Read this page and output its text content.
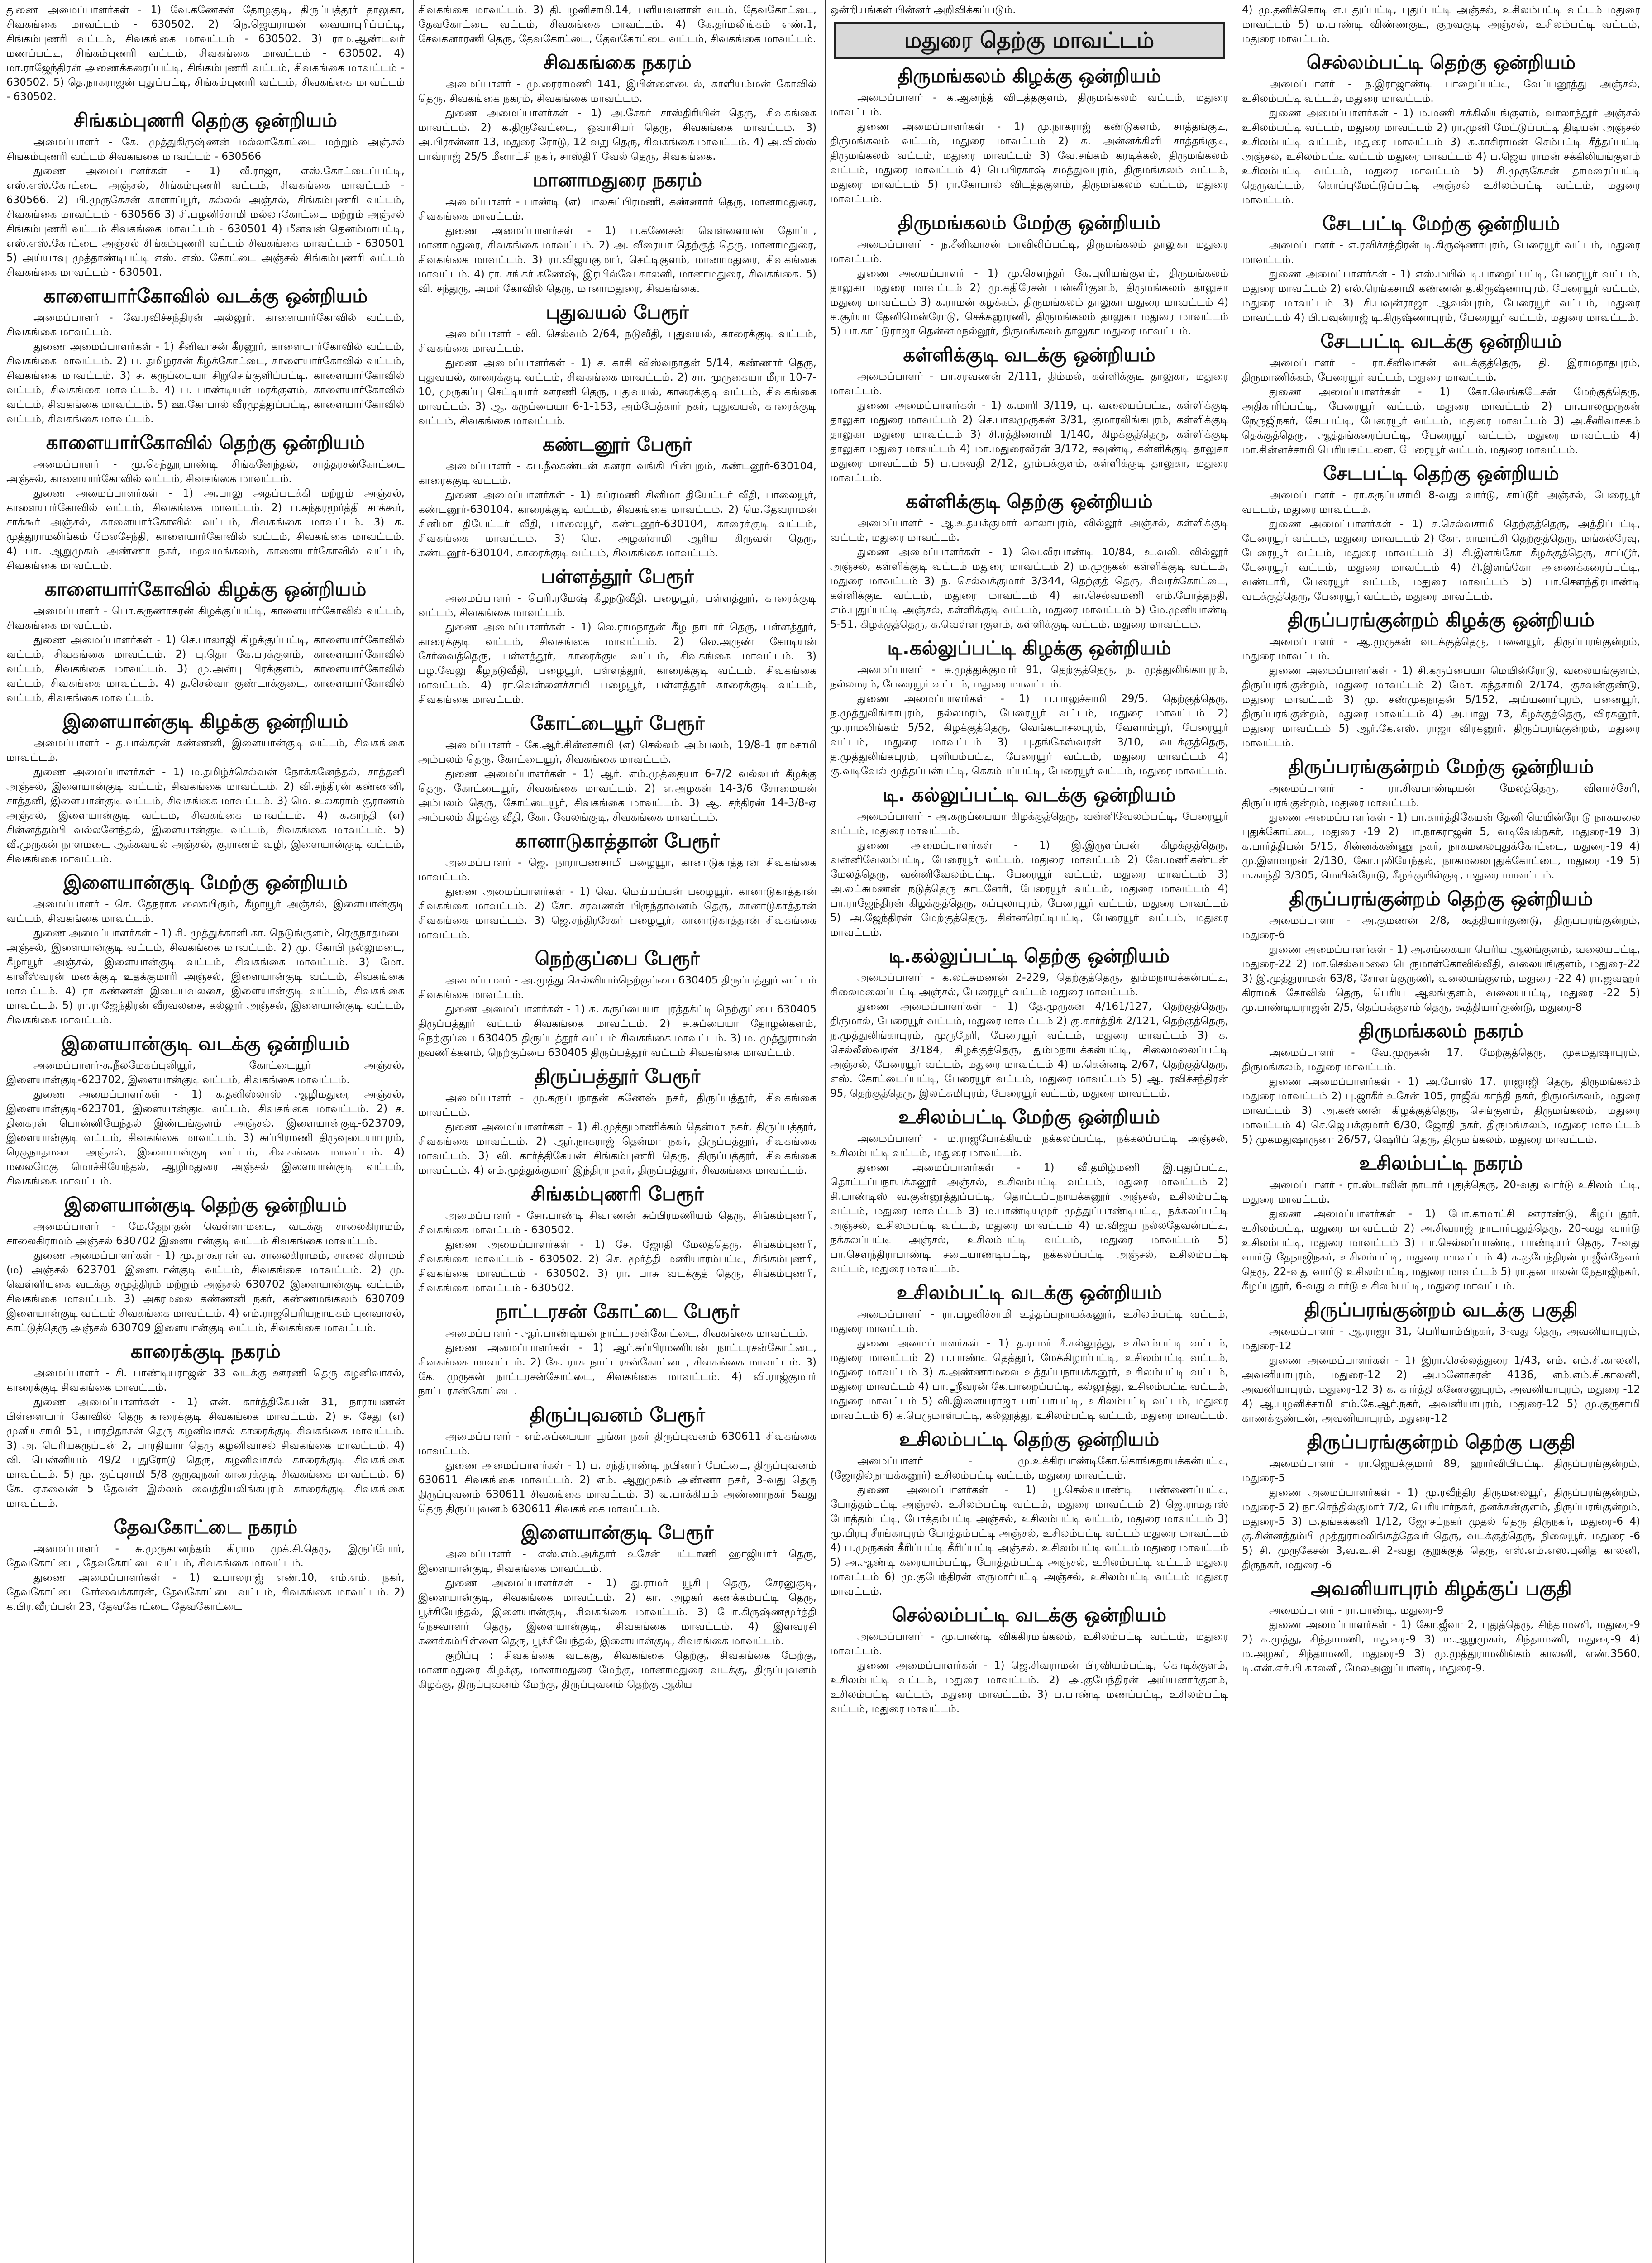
துணை அமைப்பாளர்கள் - 1) வே.கணேசன் தோழகுடி, திருப்பத்தூர் தாலுகா, சிவகங்கை மாவட்டம் - 630502. 2) நெ.ஜெயராமன் வையாபுரிப்பட்டி, சிங்கம்புணரி வட்டம், சிவகங்கை மாவட்டம் - 630502. 3) ராம.ஆண்டவர் மணப்பட்டி, சிங்கம்புணரி வட்டம், சிவகங்கை மாவட்டம் - 630502. 4) மா.ராஜேந்திரன் அணைக்கரைப்பட்டி, சிங்கம்புணரி வட்டம், சிவகங்கை மாவட்டம் - 630502. 5) தெ.நாகராஜன் புதுப்பட்டி, சிங்கம்புணரி வட்டம், சிவகங்கை மாவட்டம் - 630502.

சிங்கம்புணரி தெற்கு ஒன்றியம்

அமைப்பாளர் - கே. முத்துகிருஷ்ணன் மல்லாகோட்டை மற்றும் அஞ்சல் சிங்கம்புணரி வட்டம் சிவகங்கை மாவட்டம் - 630566

துணை அமைப்பாளர்கள் - 1) வீ.ராஜா, எஸ்.கோட்டைப்பட்டி, எஸ்.எஸ்.கோட்டை அஞ்சல், சிங்கம்புணரி வட்டம், சிவகங்கை மாவட்டம் - 630566. 2) பி.முருகேசன் காளாப்பூர், கல்லல் அஞ்சல், சிங்கம்புணரி வட்டம், சிவகங்கை மாவட்டம் - 630566 3) சி.பழனிச்சாமி மல்லாகோட்டை மற்றும் அஞ்சல் சிங்கம்புணரி வட்டம் சிவகங்கை மாவட்டம் - 630501 4) மீனவன் தெனம்மாபட்டி, எஸ்.எஸ்.கோட்டை அஞ்சல் சிங்கம்புணரி வட்டம் சிவகங்கை மாவட்டம் - 630501 5) அய்யாவு முத்தாண்டிபட்டி எஸ். எஸ். கோட்டை அஞ்சல் சிங்கம்புணரி வட்டம் சிவகங்கை மாவட்டம் - 630501.

காளையார்கோவில் வடக்கு ஒன்றியம்

அமைப்பாளர் - வே.ரவிச்சந்திரன் அல்லூர், காளையார்கோவில் வட்டம், சிவகங்கை மாவட்டம்.

துணை அமைப்பாளர்கள் - 1) சீனிவாசன் கீரனூர், காளையார்கோவில் வட்டம், சிவகங்கை மாவட்டம். 2) ப. தமிழரசன் கீழக்கோட்டை, காளையார்கோவில் வட்டம், சிவகங்கை மாவட்டம். 3) ச. கருப்பையா சிறுசெங்குளிப்பட்டி, காளையார்கோவில் வட்டம், சிவகங்கை மாவட்டம். 4) ப. பாண்டியன் மரக்குளம், காளையார்கோவில் வட்டம், சிவகங்கை மாவட்டம். 5) ஊ.கோபால் வீரமுத்துப்பட்டி, காளையார்கோவில் வட்டம், சிவகங்கை மாவட்டம்.

காளையார்கோவில் தெற்கு ஒன்றியம்

அமைப்பாளர் - மு.செந்தூரபாண்டி சிங்கனேந்தல், சாத்தரசன்கோட்டை அஞ்சல், காளையார்கோவில் வட்டம், சிவகங்கை மாவட்டம்.

துணை அமைப்பாளர்கள் - 1) அ.பாலு அதப்படக்கி மற்றும் அஞ்சல், காளையார்கோவில் வட்டம், சிவகங்கை மாவட்டம். 2) ப.சுந்தரமூர்த்தி சாக்கூர், சாக்கூர் அஞ்சல், காளையார்கோவில் வட்டம், சிவகங்கை மாவட்டம். 3) க. முத்துராமலிங்கம் மேலசேந்தி, காளையார்கோவில் வட்டம், சிவகங்கை மாவட்டம். 4) பா. ஆறுமுகம் அண்ணா நகர், மறவமங்கலம், காளையார்கோவில் வட்டம், சிவகங்கை மாவட்டம்.

காளையார்கோவில் கிழக்கு ஒன்றியம்

அமைப்பாளர் - பொ.கருணாகரன் கிழக்குப்பட்டி, காளையார்கோவில் வட்டம், சிவகங்கை மாவட்டம்.

துணை அமைப்பாளர்கள் - 1) செ.பாலாஜி கிழக்குப்பட்டி, காளையார்கோவில் வட்டம், சிவகங்கை மாவட்டம். 2) பு.தொ கே.பரக்குளம், காளையார்கோவில் வட்டம், சிவகங்கை மாவட்டம். 3) மு.அன்பு பிரக்குளம், காளையார்கோவில் வட்டம், சிவகங்கை மாவட்டம். 4) த.செல்வா குண்டாக்குடை, காளையார்கோவில் வட்டம், சிவகங்கை மாவட்டம்.

இளையான்குடி கிழக்கு ஒன்றியம்

அமைப்பாளர் - த.பால்கரன் கண்ணனி, இளையான்குடி வட்டம், சிவகங்கை மாவட்டம்.

துணை அமைப்பாளர்கள் - 1) ம.தமிழ்ச்செல்வன் நோக்கனேந்தல், சாத்தனி அஞ்சல், இளையான்குடி வட்டம், சிவகங்கை மாவட்டம். 2) வி.சந்திரன் கண்ணனி, சாத்தனி, இளையான்குடி வட்டம், சிவகங்கை மாவட்டம். 3) மெ. உலகராம் சூராணம் அஞ்சல், இளையான்குடி வட்டம், சிவகங்கை மாவட்டம். 4) க.காந்தி (எ) சின்னத்தம்பி வல்லனேந்தல், இளையான்குடி வட்டம், சிவகங்கை மாவட்டம். 5) வீ.முருகன் நாளமடை ஆக்கவயல் அஞ்சல், சூராணம் வழி, இளையான்குடி வட்டம், சிவகங்கை மாவட்டம்.

இளையான்குடி மேற்கு ஒன்றியம்

அமைப்பாளர் - செ. தேநராசு லைசுபிரும், கீழாயூர் அஞ்சல், இளையான்குடி வட்டம், சிவகங்கை மாவட்டம்.

துணை அமைப்பாளர்கள் - 1) சி. முத்துக்காளி கா. நெடுங்குளம், ரெகுநாதமடை அஞ்சல், இளையான்குடி வட்டம், சிவகங்கை மாவட்டம். 2) மு. கோபி நல்லுமடை, கீழாயூர் அஞ்சல், இளையான்குடி வட்டம், சிவகங்கை மாவட்டம். 3) மோ. காளீஸ்வரன் மணக்குடி உதக்குமாரி அஞ்சல், இளையான்குடி வட்டம், சிவகங்கை மாவட்டம். 4) ரா கண்ணன் இடையவலசை, இளையான்குடி வட்டம், சிவகங்கை மாவட்டம். 5) ரா.ராஜேந்திரன் வீரவலசை, கல்லூர் அஞ்சல், இளையான்குடி வட்டம், சிவகங்கை மாவட்டம்.

இளையான்குடி வடக்கு ஒன்றியம்

அமைப்பாளர்-சு.நீலமேகப்புலியூர், கோட்டையூர் அஞ்சல், இளையான்குடி-623702, இளையான்குடி வட்டம், சிவகங்கை மாவட்டம்.

துணை அமைப்பாளர்கள் - 1) க.தனிஸ்லாஸ் ஆழிமதுரை அஞ்சல், இளையான்குடி-623701, இளையான்குடி வட்டம், சிவகங்கை மாவட்டம். 2) ச. தினகரன் பொன்னியேந்தல் இண்டங்குளம் அஞ்சல், இளையான்குடி-623709, இளையான்குடி வட்டம், சிவகங்கை மாவட்டம். 3) சுப்பிரமணி திருவுடையாபுரம், ரெகுநாதமடை அஞ்சல், இளையான்குடி வட்டம், சிவகங்கை மாவட்டம். 4) மலைமேகு மொச்சியேந்தல், ஆழிமதுரை அஞ்சல் இளையான்குடி வட்டம், சிவகங்கை மாவட்டம்.

இளையான்குடி தெற்கு ஒன்றியம்

அமைப்பாளர் - மே.தேநாதன் வெள்ளாமடை, வடக்கு சாலைகிராமம், சாலைகிராமம் அஞ்சல் 630702 இளையான்குடி வட்டம் சிவகங்கை மாவட்டம்.

துணை அமைப்பாளர்கள் - 1) மு.நாகூரான் வ. சாலைகிராமம், சாலை கிராமம் (ம) அஞ்சல் 623701 இளையான்குடி வட்டம், சிவகங்கை மாவட்டம். 2) மு. வெள்ளியகை வடக்கு சமுத்திரம் மற்றும் அஞ்சல் 630702 இளையான்குடி வட்டம், சிவகங்கை மாவட்டம். 3) அகரமலை கண்ணனி நகர், கண்ணமங்கலம் 630709 இளையான்குடி வட்டம் சிவகங்கை மாவட்டம். 4) எம்.ராஜபெரியநாயகம் புனவாசல், காட்டுத்தெரு அஞ்சல் 630709 இளையான்குடி வட்டம், சிவகங்கை மாவட்டம்.

காரைக்குடி நகரம்

அமைப்பாளர் - சி. பாண்டியராஜன் 33 வடக்கு ஊரணி தெரு கழனிவாசல், காரைக்குடி சிவகங்கை மாவட்டம்.

துணை அமைப்பாளர்கள் - 1) என். கார்த்திகேயன் 31, நாராயணன் பிள்ளையார் கோவில் தெரு காரைக்குடி சிவகங்கை மாவட்டம். 2) ச. சேது (எ) முனியசாமி 51, பாரதிதாசன் தெரு கழனிவாசல் காரைக்குடி சிவகங்கை மாவட்டம். 3) அ. பெரியகருப்பன் 2, பாரதியார் தெரு கழனிவாசல் சிவகங்கை மாவட்டம். 4) வி. பென்னியம் 49/2 புதுரோடு தெரு, கழனிவாசல் காரைக்குடி சிவகங்கை மாவட்டம். 5) மு. குப்புசாமி 5/8 குருவுநகர் காரைக்குடி சிவகங்கை மாவட்டம். 6) கே. ஏகவைன் 5 தேவன் இல்லம் வைத்தியலிங்கபுரம் காரைக்குடி சிவகங்கை மாவட்டம்.

தேவகோட்டை நகரம்

அமைப்பாளர் - சு.முருகானந்தம் கிராம முக்.சி.தெரு, இருப்போர், தேவகோட்டை, தேவகோட்டை வட்டம், சிவகங்கை மாவட்டம்.

துணை அமைப்பாளர்கள் - 1) உபாலராஜ் எண்.10, எம்.எம். நகர், தேவகோட்டை சேர்வைக்காரன், தேவகோட்டை வட்டம், சிவகங்கை மாவட்டம். 2) க.பிர.வீரப்பன் 23, தேவகோட்டை தேவகோட்டை

சிவகங்கை மாவட்டம். 3) தி.பழனிசாமி.14, பளியவனாள் வடம், தேவகோட்டை, தேவகோட்டை வட்டம், சிவகங்கை மாவட்டம். 4) கே.தர்மலிங்கம் எண்.1, சேவகனாரணி தெரு, தேவகோட்டை, தேவகோட்டை வட்டம், சிவகங்கை மாவட்டம்.

சிவகங்கை நகரம்

அமைப்பாளர் - மு.ரைராமணி 141, இபிள்ளையைல், காளியம்மன் கோவில் தெரு, சிவகங்கை நகரம், சிவகங்கை மாவட்டம்.

துணை அமைப்பாளர்கள் - 1) அ.சேகர் சாஸ்திரியின் தெரு, சிவகங்கை மாவட்டம். 2) க.திருவேட்டை, ஒவாசியர் தெரு, சிவகங்கை மாவட்டம். 3) அ.பிரசன்னா 13, மதுரை ரோடு, 12 வது தெரு, சிவகங்கை மாவட்டம். 4) அ.விஸ்ஸ் பாவ்ராஜ் 25/5 மீனாட்சி நகர், சாஸ்திரி வேல் தெரு, சிவகங்கை.

மானாமதுரை நகரம்

அமைப்பாளர் - பாண்டி (எ) பாலசுப்பிரமணி, கண்ணார் தெரு, மானாமதுரை, சிவகங்கை மாவட்டம்.

துணை அமைப்பாளர்கள் - 1) ப.கணேசன் வெள்ளையன் தோப்பு, மானாமதுரை, சிவகங்கை மாவட்டம். 2) அ. வீரையா தெற்குத் தெரு, மானாமதுரை, சிவகங்கை மாவட்டம். 3) ரா.விஜயகுமார், செட்டிகுளம், மானாமதுரை, சிவகங்கை மாவட்டம். 4) ரா. சங்கர் கணேஷ், இரயில்வே காலனி, மானாமதுரை, சிவகங்கை. 5) வி. சந்துரு, அமர் கோவில் தெரு, மானாமதுரை, சிவகங்கை.

புதுவயல் பேரூர்

அமைப்பாளர் - வி. செல்வம் 2/64, நடுவீதி, புதுவயல், காரைக்குடி வட்டம், சிவகங்கை மாவட்டம்.

துணை அமைப்பாளர்கள் - 1) ச. காசி விஸ்வநாதன் 5/14, கண்ணார் தெரு, புதுவயல், காரைக்குடி வட்டம், சிவகங்கை மாவட்டம். 2) சா. முருகையா மீரா 10-7-10, முருகப்பு செட்டியார் ஊரணி தெரு, புதுவயல், காரைக்குடி வட்டம், சிவகங்கை மாவட்டம். 3) ஆ. கருப்பையா 6-1-153, அம்பேத்கார் நகர், புதுவயல், காரைக்குடி வட்டம், சிவகங்கை மாவட்டம்.

கண்டனூர் பேரூர்

அமைப்பாளர் - சுப.நீலகண்டன் கனரா வங்கி பின்புறம், கண்டனூர்-630104, காரைக்குடி வட்டம்.

துணை அமைப்பாளர்கள் - 1) சுப்ரமணி சினிமா தியேட்டர் வீதி, பாலையூர், கண்டனூர்-630104, காரைக்குடி வட்டம், சிவகங்கை மாவட்டம். 2) மெ.தேவராமன் சினிமா தியேட்டர் வீதி, பாலையூர், கண்டனூர்-630104, காரைக்குடி வட்டம், சிவகங்கை மாவட்டம். 3) மெ. அழகர்சாமி ஆரிய கிருவள் தெரு, கண்டனூர்-630104, காரைக்குடி வட்டம், சிவகங்கை மாவட்டம்.

பள்ளத்தூர் பேரூர்

அமைப்பாளர் - பெரி.ரமேஷ் கீழநடுவீதி, பழையூர், பள்ளத்தூர், காரைக்குடி வட்டம், சிவகங்கை மாவட்டம்.

துணை அமைப்பாளர்கள் - 1) லெ.ராமநாதன் கீழ நாடார் தெரு, பள்ளத்தூர், காரைக்குடி வட்டம், சிவகங்கை மாவட்டம். 2) லெ.அருண் கோடியன் சேர்வைத்தெரு, பள்ளத்தூர், காரைக்குடி வட்டம், சிவகங்கை மாவட்டம். 3) பழ.வேலு கீழநடுவீதி, பழையூர், பள்ளத்தூர், காரைக்குடி வட்டம், சிவகங்கை மாவட்டம். 4) ரா.வெள்ளைச்சாமி பழையூர், பள்ளத்தூர் காரைக்குடி வட்டம், சிவகங்கை மாவட்டம்.

கோட்டையூர் பேரூர்

அமைப்பாளர் - கே.ஆர்.சின்னசாமி (எ) செல்லம் அம்பலம், 19/8-1 ராமசாமி அம்பலம் தெரு, கோட்டையூர், சிவகங்கை மாவட்டம்.

துணை அமைப்பாளர்கள் - 1) ஆர். எம்.முத்தையா 6-7/2 வல்லபர் கீழக்கு தெரு, கோட்டையூர், சிவகங்கை மாவட்டம். 2) எ.அழகன் 14-3/6 சோமையன் அம்பலம் தெரு, கோட்டையூர், சிவகங்கை மாவட்டம். 3) ஆ. சந்திரன் 14-3/8-ஏ அம்பலம் கிழக்கு வீதி, கோ. வேலங்குடி, சிவகங்கை மாவட்டம்.

கானாடுகாத்தான் பேரூர்

அமைப்பாளர் - ஜெ. நாராயணசாமி பழையூர், கானாடுகாத்தான் சிவகங்கை மாவட்டம்.

துணை அமைப்பாளர்கள் - 1) வெ. மெய்யப்பன் பழையூர், கானாடுகாத்தான் சிவகங்கை மாவட்டம். 2) சோ. சரவணன் பிருந்தாவனம் தெரு, கானாடுகாத்தான் சிவகங்கை மாவட்டம். 3) ஜெ.சந்திரசேகர் பழையூர், கானாடுகாத்தான் சிவகங்கை மாவட்டம்.

நெற்குப்பை பேரூர்

அமைப்பாளர் - அ.முத்து செல்வியம்நெற்குப்பை 630405 திருப்பத்தூர் வட்டம் சிவகங்கை மாவட்டம்.

துணை அமைப்பாளர்கள் - 1) க. கருப்பையா புரத்தக்ட்டி நெற்குப்பை 630405 திருப்பத்தூர் வட்டம் சிவகங்கை மாவட்டம். 2) சு.சுப்பையா தோழன்களம், நெற்குப்பை 630405 திருப்பத்தூர் வட்டம் சிவகங்கை மாவட்டம். 3) ம. முத்துராமன் நவணிக்களம், நெற்குப்பை 630405 திருப்பத்தூர் வட்டம் சிவகங்கை மாவட்டம்.

திருப்பத்தூர் பேரூர்

அமைப்பாளர் - மு.கருப்பநாதன் கணேஷ் நகர், திருப்பத்தூர், சிவகங்கை மாவட்டம்.

துணை அமைப்பாளர்கள் - 1) சி.முத்துமாணிக்கம் தென்மா நகர், திருப்பத்தூர், சிவகங்கை மாவட்டம். 2) ஆர்.நாகராஜ் தென்மா நகர், திருப்பத்தூர், சிவகங்கை மாவட்டம். 3) வி. கார்த்திகேயன் சிங்கம்புணரி தெரு, திருப்பத்தூர், சிவகங்கை மாவட்டம். 4) எம்.முத்துக்குமார் இந்திரா நகர், திருப்பத்தூர், சிவகங்கை மாவட்டம்.

சிங்கம்புணரி பேரூர்

அமைப்பாளர் - சோ.பாண்டி சிவாணன் சுப்பிரமணியம் தெரு, சிங்கம்புணரி, சிவகங்கை மாவட்டம் - 630502.

துணை அமைப்பாளர்கள் - 1) சே. ஜோதி மேலத்தெரு, சிங்கம்புணரி, சிவகங்கை மாவட்டம் - 630502. 2) செ. மூர்த்தி மணியாரம்பட்டி, சிங்கம்புணரி, சிவகங்கை மாவட்டம் - 630502. 3) ரா. பாசு வடக்குத் தெரு, சிங்கம்புணரி, சிவகங்கை மாவட்டம் - 630502.

நாட்டரசன் கோட்டை பேரூர்

அமைப்பாளர் - ஆர்.பாண்டியன் நாட்டரசன்கோட்டை, சிவகங்கை மாவட்டம்.

துணை அமைப்பாளர்கள் - 1) ஆர்.சுப்பிரமணியன் நாட்டரசன்கோட்டை, சிவகங்கை மாவட்டம். 2) கே. ராசு நாட்டரசன்கோட்டை, சிவகங்கை மாவட்டம். 3) கே. முருகன் நாட்டரசன்கோட்டை, சிவகங்கை மாவட்டம். 4) வி.ராஜ்குமார் நாட்டரசன்கோட்டை.

திருப்புவனம் பேரூர்

அமைப்பாளர் - எம்.சுப்பையா பூங்கா நகர் திருப்புவனம் 630611 சிவகங்கை மாவட்டம்.

துணை அமைப்பாளர்கள் - 1) ப. சந்திராண்டி நயினார் பேட்டை, திருப்புவனம் 630611 சிவகங்கை மாவட்டம். 2) எம். ஆறுமுகம் அண்ணா நகர், 3-வது தெரு திருப்புவனம் 630611 சிவகங்கை மாவட்டம். 3) வ.பாக்கியம் அண்ணாநகர் 5வது தெரு திருப்புவனம் 630611 சிவகங்கை மாவட்டம்.

இளையான்குடி பேரூர்

அமைப்பாளர் - எஸ்.எம்.அக்தார் உசேன் பட்டாணி ஹாஜியார் தெரு, இளையான்குடி, சிவகங்கை மாவட்டம்.

துணை அமைப்பாளர்கள் - 1) து.ராமர் யூசிபு தெரு, சேரனுகுடி, இளையான்குடி, சிவகங்கை மாவட்டம். 2) கா. அழகர் கணக்கம்பட்டி தெரு, பூச்சியேந்தல், இளையான்குடி, சிவகங்கை மாவட்டம். 3) போ.கிருஷ்ணமூர்த்தி நெசவாளர் தெரு, இளையான்குடி, சிவகங்கை மாவட்டம். 4) இளவரசி கணக்கம்பிள்ளை தெரு, பூச்சியேந்தல், இளையான்குடி, சிவகங்கை மாவட்டம்.

குறிப்பு : சிவகங்கை வடக்கு, சிவகங்கை தெற்கு, சிவகங்கை மேற்கு, மானாமதுரை கிழக்கு, மானாமதுரை மேற்கு, மானாமதுரை வடக்கு, திருப்புவனம் கிழக்கு, திருப்புவனம் மேற்கு, திருப்புவனம் தெற்கு ஆகிய

ஒன்றியங்கள் பின்னர் அறிவிக்கப்படும்.

மதுரை தெற்கு மாவட்டம்
திருமங்கலம் கிழக்கு ஒன்றியம்

அமைப்பாளர் - க.ஆனந்த் விடத்தகுளம், திருமங்கலம் வட்டம், மதுரை மாவட்டம்.

துணை அமைப்பாளர்கள் - 1) மு.நாகராஜ் கண்டுகளம், சாத்தங்குடி, திருமங்கலம் வட்டம், மதுரை மாவட்டம் 2) சு. அன்னக்கிளி சாத்தங்குடி, திருமங்கலம் வட்டம், மதுரை மாவட்டம் 3) வே.சங்கம் கரடிக்கல், திருமங்கலம் வட்டம், மதுரை மாவட்டம் 4) பெ.பிரகாஷ் சமத்துவபுரம், திருமங்கலம் வட்டம், மதுரை மாவட்டம் 5) ரா.கோபால் விடத்தகுளம், திருமங்கலம் வட்டம், மதுரை மாவட்டம்.

திருமங்கலம் மேற்கு ஒன்றியம்

அமைப்பாளர் - ந.சீனிவாசன் மாவிலிப்பட்டி, திருமங்கலம் தாலுகா மதுரை மாவட்டம்.

துணை அமைப்பாளர் - 1) மு.சௌந்தர் கே.புளியங்குளம், திருமங்கலம் தாலுகா மதுரை மாவட்டம் 2) மு.கதிரேசன் பன்னீர்குளம், திருமங்கலம் தாலுகா மதுரை மாவட்டம் 3) க.ராமன் கழக்கம், திருமங்கலம் தாலுகா மதுரை மாவட்டம் 4) க.சூர்யா தேனிமென்ரோடு, செக்கனூரணி, திருமங்கலம் தாலுகா மதுரை மாவட்டம் 5) பா.காட்டுராஜா தென்னமநல்லூர், திருமங்கலம் தாலுகா மதுரை மாவட்டம்.

கள்ளிக்குடி வடக்கு ஒன்றியம்

அமைப்பாளர் - பா.சரவணன் 2/111, திம்மல், கள்ளிக்குடி தாலுகா, மதுரை மாவட்டம்.

துணை அமைப்பாளர்கள் - 1) க.மாரி 3/119, பு. வலையப்பட்டி, கள்ளிக்குடி தாலுகா மதுரை மாவட்டம் 2) செ.பாலமுருகன் 3/31, குமாரலிங்கபுரம், கள்ளிக்குடி தாலுகா மதுரை மாவட்டம் 3) சி.ரத்தினசாமி 1/140, கிழக்குத்தெரு, கள்ளிக்குடி தாலுகா மதுரை மாவட்டம் 4) மா.மதுரைவீரன் 3/172, சவுண்டி, கள்ளிக்குடி தாலுகா மதுரை மாவட்டம் 5) ப.பகவதி 2/12, தூம்பக்குளம், கள்ளிக்குடி தாலுகா, மதுரை மாவட்டம்.

கள்ளிக்குடி தெற்கு ஒன்றியம்

அமைப்பாளர் - ஆ.உதயக்குமார் லாலாபுரம், வில்லூர் அஞ்சல், கள்ளிக்குடி வட்டம், மதுரை மாவட்டம்.

துணை அமைப்பாளர்கள் - 1) வெ.வீரபாண்டி 10/84, உ.வலி. வில்லூர் அஞ்சல், கள்ளிக்குடி வட்டம் மதுரை மாவட்டம் 2) ம.முருகன் கள்ளிக்குடி வட்டம், மதுரை மாவட்டம் 3) ந. செல்வக்குமார் 3/344, தெற்குத் தெரு, சிவரக்கோட்டை, கள்ளிக்குடி வட்டம், மதுரை மாவட்டம் 4) கா.செல்வமணி எம்.போத்தநதி, எம்.புதுப்பட்டி அஞ்சல், கள்ளிக்குடி வட்டம், மதுரை மாவட்டம் 5) மே.முனியாண்டி 5-51, கிழக்குத்தெரு, க.வெள்ளாகுளம், கள்ளிக்குடி வட்டம், மதுரை மாவட்டம்.

டி.கல்லுப்பட்டி கிழக்கு ஒன்றியம்

அமைப்பாளர் - சு.முத்துக்குமார் 91, தெற்குத்தெரு, ந. முத்துலிங்காபுரம், நல்லமரம், பேரையூர் வட்டம், மதுரை மாவட்டம்.

துணை அமைப்பாளர்கள் - 1) ப.பாலுச்சாமி 29/5, தெற்குத்தெரு, ந.முத்துலிங்காபுரம், நல்லமரம், பேரையூர் வட்டம், மதுரை மாவட்டம் 2) மு.ராமலிங்கம் 5/52, கிழக்குத்தெரு, வெங்கடாசலபுரம், வேளாம்பூர், பேரையூர் வட்டம், மதுரை மாவட்டம் 3) பு.தங்கேஸ்வரன் 3/10, வடக்குத்தெரு, த.முத்துலிங்கபுரம், புளியம்பட்டி, பேரையூர் வட்டம், மதுரை மாவட்டம் 4) கு.வடிவேல் முத்தப்பன்பட்டி, கெசும்பப்பட்டி, பேரையூர் வட்டம், மதுரை மாவட்டம்.

டி. கல்லுப்பட்டி வடக்கு ஒன்றியம்

அமைப்பாளர் - அ.கருப்பையா கிழக்குத்தெரு, வன்னிவேலம்பட்டி, பேரையூர் வட்டம், மதுரை மாவட்டம்.

துணை அமைப்பாளர்கள் - 1) இ.இருளப்பன் கிழக்குத்தெரு, வன்னிவேலம்பட்டி, பேரையூர் வட்டம், மதுரை மாவட்டம் 2) வே.மணிகண்டன் மேலத்தெரு, வன்னிவேலம்பட்டி, பேரையூர் வட்டம், மதுரை மாவட்டம் 3) அ.லட்சுமணன் நடுத்தெரு காடனேரி, பேரையூர் வட்டம், மதுரை மாவட்டம் 4) பா.ராஜேந்திரன் கிழக்குத்தெரு, சுப்புலாபுரம், பேரையூர் வட்டம், மதுரை மாவட்டம் 5) அ.ஜேந்திரன் மேற்குத்தெரு, சின்னரெட்டிபட்டி, பேரையூர் வட்டம், மதுரை மாவட்டம்.

டி.கல்லுப்பட்டி தெற்கு ஒன்றியம்

அமைப்பாளர் - க.லட்சுமணன் 2-229, தெற்குத்தெரு, தும்மநாயக்கன்பட்டி, சிலைமலைப்பட்டி அஞ்சல், பேரையூர் வட்டம் மதுரை மாவட்டம்.

துணை அமைப்பாளர்கள் - 1) தே.முருகன் 4/161/127, தெற்குத்தெரு, திருமால், பேரையூர் வட்டம், மதுரை மாவட்டம் 2) கு.கார்த்திக் 2/121, தெற்குத்தெரு, ந.முத்துலிங்காபுரம், முருநேரி, பேரையூர் வட்டம், மதுரை மாவட்டம் 3) க. செல்லீஸ்வரன் 3/184, கிழக்குத்தெரு, தும்மநாயக்கன்பட்டி, சிலைமலைப்பட்டி அஞ்சல், பேரையூர் வட்டம், மதுரை மாவட்டம் 4) ம.கென்னடி 2/67, தெற்குத்தெரு, எஸ். கோட்டைப்பட்டி, பேரையூர் வட்டம், மதுரை மாவட்டம் 5) ஆ. ரவிச்சந்திரன் 95, தெற்குத்தெரு, இலட்சுமிபுரம், பேரையூர் வட்டம், மதுரை மாவட்டம்.

உசிலம்பட்டி மேற்கு ஒன்றியம்

அமைப்பாளர் - ம.ராஜபோக்கியம் நக்கலப்பட்டி, நக்கலப்பட்டி அஞ்சல், உசிலம்பட்டி வட்டம், மதுரை மாவட்டம்.

துணை அமைப்பாளர்கள் - 1) வீ.தமிழ்மணி இ.புதுப்பட்டி, தொட்டப்பநாயக்கனூர் அஞ்சல், உசிலம்பட்டி வட்டம், மதுரை மாவட்டம் 2) சி.பாண்டிஸ் வ.குன்னூத்துப்பட்டி, தொட்டப்பநாயக்கனூர் அஞ்சல், உசிலம்பட்டி வட்டம், மதுரை மாவட்டம் 3) ம.பாண்டியமுர் முத்துப்பாண்டிபட்டி, நக்கலப்பட்டி அஞ்சல், உசிலம்பட்டி வட்டம், மதுரை மாவட்டம் 4) ம.விஜய் நல்லதேவன்பட்டி, நக்கலப்பட்டி அஞ்சல், உசிலம்பட்டி வட்டம், மதுரை மாவட்டம் 5) பா.சௌந்திராபாண்டி சடையாண்டிபட்டி, நக்கலப்பட்டி அஞ்சல், உசிலம்பட்டி வட்டம், மதுரை மாவட்டம்.

உசிலம்பட்டி வடக்கு ஒன்றியம்

அமைப்பாளர் - ரா.பழனிச்சாமி உத்தப்பநாயக்கனூர், உசிலம்பட்டி வட்டம், மதுரை மாவட்டம்.

துணை அமைப்பாளர்கள் - 1) த.ராமர் சீ.கல்லூத்து, உசிலம்பட்டி வட்டம், மதுரை மாவட்டம் 2) ப.பாண்டி தெத்தூர், மேக்கிழார்பட்டி, உசிலம்பட்டி வட்டம், மதுரை மாவட்டம் 3) க.அண்ணாமலை உத்தப்பநாயக்கனூர், உசிலம்பட்டி வட்டம், மதுரை மாவட்டம் 4) பா.ஸ்ரீவரன் கே.பாறைப்பட்டி, கல்லூத்து, உசிலம்பட்டி வட்டம், மதுரை மாவட்டம் 5) வி.இளையராஜா பாப்பாபட்டி, உசிலம்பட்டி வட்டம், மதுரை மாவட்டம் 6) க.பெருமாள்பட்டி, கல்லூத்து, உசிலம்பட்டி வட்டம், மதுரை மாவட்டம்.

உசிலம்பட்டி தெற்கு ஒன்றியம்

அமைப்பாளர் - மு.உக்கிரபாண்டிகோ.கொங்கநாயக்கன்பட்டி, (ஜோதில்நாயக்கனூர்) உசிலம்பட்டி வட்டம், மதுரை மாவட்டம்.

துணை அமைப்பாளர்கள் - 1) பூ.செல்வபாண்டி பண்ணைப்பட்டி, போத்தம்பட்டி அஞ்சல், உசிலம்பட்டி வட்டம், மதுரை மாவட்டம் 2) ஜெ.ராமதாஸ் போத்தம்பட்டி, போத்தம்பட்டி அஞ்சல், உசிலம்பட்டி வட்டம், மதுரை மாவட்டம் 3) மு.பிரபு சீரங்காபுரம் போத்தம்பட்டி அஞ்சல், உசிலம்பட்டி வட்டம் மதுரை மாவட்டம் 4) ப.முருகன் கீரிப்பட்டி கீரிப்பட்டி அஞ்சல், உசிலம்பட்டி வட்டம் மதுரை மாவட்டம் 5) அ.ஆண்டி கரையாம்பட்டி, போத்தம்பட்டி அஞ்சல், உசிலம்பட்டி வட்டம் மதுரை மாவட்டம் 6) மு.குபேந்திரன் எருமார்பட்டி அஞ்சல், உசிலம்பட்டி வட்டம் மதுரை மாவட்டம்.

செல்லம்பட்டி வடக்கு ஒன்றியம்

அமைப்பாளர் - மு.பாண்டி விக்கிரமங்கலம், உசிலம்பட்டி வட்டம், மதுரை மாவட்டம்.

துணை அமைப்பாளர்கள் - 1) ஜெ.சிவராமன் பிரவியம்பட்டி, கொடிக்குளம், உசிலம்பட்டி வட்டம், மதுரை மாவட்டம். 2) அ.குபேந்திரன் அய்யனார்குளம், உசிலம்பட்டி வட்டம், மதுரை மாவட்டம். 3) ப.பாண்டி மணப்பட்டி, உசிலம்பட்டி வட்டம், மதுரை மாவட்டம்.

4) மு.தனிக்கொடி எ.புதுப்பட்டி, புதுப்பட்டி அஞ்சல், உசிலம்பட்டி வட்டம் மதுரை மாவட்டம் 5) ம.பாண்டி விண்ணகுடி, குறவகுடி அஞ்சல், உசிலம்பட்டி வட்டம், மதுரை மாவட்டம்.

செல்லம்பட்டி தெற்கு ஒன்றியம்

அமைப்பாளர் - ந.இராஜாண்டி பாறைப்பட்டி, வேப்பனூத்து அஞ்சல், உசிலம்பட்டி வட்டம், மதுரை மாவட்டம்.

துணை அமைப்பாளர்கள் - 1) ம.மணி சக்கிலியங்குளம், வாலாந்தூர் அஞ்சல் உசிலம்பட்டி வட்டம், மதுரை மாவட்டம் 2) ரா.முனி மேட்டுப்பட்டி திடியன் அஞ்சல் உசிலம்பட்டி வட்டம், மதுரை மாவட்டம் 3) க.காசிராமன் செம்பட்டி சீத்தப்பட்டி அஞ்சல், உசிலம்பட்டி வட்டம் மதுரை மாவட்டம் 4) ப.ஜெய ராமன் சக்கிலியங்குளம் உசிலம்பட்டி வட்டம், மதுரை மாவட்டம் 5) சி.முருகேசன் தாமரைப்பட்டி தெருவட்டம், கொப்புமேட்டுப்பட்டி அஞ்சல் உசிலம்பட்டி வட்டம், மதுரை மாவட்டம்.

சேடபட்டி மேற்கு ஒன்றியம்

அமைப்பாளர் - எ.ரவிச்சந்திரன் டி.கிருஷ்ணாபுரம், பேரையூர் வட்டம், மதுரை மாவட்டம்.

துணை அமைப்பாளர்கள் - 1) எஸ்.மயில் டி.பாறைப்பட்டி, பேரையூர் வட்டம், மதுரை மாவட்டம் 2) எல்.ரெங்கசாமி கண்ணன் த.கிருஷ்ணாபுரம், பேரையூர் வட்டம், மதுரை மாவட்டம் 3) சி.பவுன்ராஜா ஆவல்புரம், பேரையூர் வட்டம், மதுரை மாவட்டம் 4) பி.பவுன்ராஜ் டி.கிருஷ்ணாபுரம், பேரையூர் வட்டம், மதுரை மாவட்டம்.

சேடபட்டி வடக்கு ஒன்றியம்

அமைப்பாளர் - ரா.சீனிவாசன் வடக்குத்தெரு, தி. இராமநாதபுரம், திருமாணிக்கம், பேரையூர் வட்டம், மதுரை மாவட்டம்.

துணை அமைப்பாளர்கள் - 1) கோ.வெங்கடேசன் மேற்குத்தெரு, அதிகாரிப்பட்டி, பேரையூர் வட்டம், மதுரை மாவட்டம் 2) பா.பாலமுருகன் நேருஜிநகர், சேடபட்டி, பேரையூர் வட்டம், மதுரை மாவட்டம் 3) அ.சீனிவாசகம் தெக்குத்தெரு, ஆத்தங்கரைப்பட்டி, பேரையூர் வட்டம், மதுரை மாவட்டம் 4) மா.சின்னச்சாமி பெரியகட்டளை, பேரையூர் வட்டம், மதுரை மாவட்டம்.

சேடபட்டி தெற்கு ஒன்றியம்

அமைப்பாளர் - ரா.கருப்பசாமி 8-வது வார்டு, சாப்டூர் அஞ்சல், பேரையூர் வட்டம், மதுரை மாவட்டம்.

துணை அமைப்பாளர்கள் - 1) க.செல்வசாமி தெற்குத்தெரு, அத்திப்பட்டி, பேரையூர் வட்டம், மதுரை மாவட்டம் 2) கோ. காமாட்சி தெற்குத்தெரு, மங்கல்ரேவு, பேரையூர் வட்டம், மதுரை மாவட்டம் 3) சி.இளங்கோ கீழக்குத்தெரு, சாப்டூர், பேரையூர் வட்டம், மதுரை மாவட்டம் 4) சி.இளங்கோ அணைக்கரைப்பட்டி, வண்டாரி, பேரையூர் வட்டம், மதுரை மாவட்டம் 5) பா.சௌந்திரபாண்டி வடக்குத்தெரு, பேரையூர் வட்டம், மதுரை மாவட்டம்.

திருப்பரங்குன்றம் கிழக்கு ஒன்றியம்

அமைப்பாளர் - ஆ.முருகன் வடக்குத்தெரு, பனையூர், திருப்பரங்குன்றம், மதுரை மாவட்டம்.

துணை அமைப்பாளர்கள் - 1) சி.கருப்பையா மெயின்ரோடு, வலையங்குளம், திருப்பரங்குன்றம், மதுரை மாவட்டம் 2) மோ. கந்தசாமி 2/174, குசவன்குண்டு, மதுரை மாவட்டம் 3) மு. சண்முகநாதன் 5/152, அய்யனார்புரம், பனையூர், திருப்பரங்குன்றம், மதுரை மாவட்டம் 4) அ.பாலு 73, கீழக்குத்தெரு, விரகனூர், மதுரை மாவட்டம் 5) ஆர்.கே.எஸ். ராஜா விரகனூர், திருப்பரங்குன்றம், மதுரை மாவட்டம்.

திருப்பரங்குன்றம் மேற்கு ஒன்றியம்

அமைப்பாளர் - ரா.சிவபாண்டியன் மேலத்தெரு, விளாச்சேரி, திருப்பரங்குன்றம், மதுரை மாவட்டம்.

துணை அமைப்பாளர்கள் - 1) பா.கார்த்திகேயன் தேனி மெயின்ரோடு நாகமலை புதுக்கோட்டை, மதுரை -19 2) பா.நாகராஜன் 5, வடிவேல்நகர், மதுரை-19 3) க.பார்த்திபன் 5/15, சின்னக்கண்ணு நகர், நாகமலைபுதுக்கோட்டை, மதுரை-19 4) மு.இளமாறன் 2/130, கோ.புலியேந்தல், நாகமலைபுதுக்கோட்டை, மதுரை -19 5) ம.காந்தி 3/305, மெயின்ரோடு, கீழக்குயில்குடி, மதுரை மாவட்டம்.

திருப்பரங்குன்றம் தெற்கு ஒன்றியம்

அமைப்பாளர் - அ.குமணன் 2/8, கூத்தியார்குண்டு, திருப்பரங்குன்றம், மதுரை-6

துணை அமைப்பாளர்கள் - 1) அ.சங்கையா பெரிய ஆலங்குளம், வலையபட்டி, மதுரை-22 2) மா.செல்வமலை பெருமாள்கோவில்வீதி, வலையங்குளம், மதுரை-22 3) இ.முத்துராமன் 63/8, சோளங்குருணி, வலையங்குளம், மதுரை -22 4) ரா.ஜவஹர் கிராமக் கோவில் தெரு, பெரிய ஆலங்குளம், வலையபட்டி, மதுரை -22 5) மு.பாண்டியராஜன் 2/5, தெப்பக்குளம் தெரு, கூத்தியார்குண்டு, மதுரை-8

திருமங்கலம் நகரம்

அமைப்பாளர் - வே.முருகன் 17, மேற்குத்தெரு, முகமதுஷாபுரம், திருமங்கலம், மதுரை மாவட்டம்.

துணை அமைப்பாளர்கள் - 1) அ.போஸ் 17, ராஜாஜி தெரு, திருமங்கலம் மதுரை மாவட்டம் 2) பு.ஜாகீர் உசேன் 105, ராஜீவ் காந்தி நகர், திருமங்கலம், மதுரை மாவட்டம் 3) அ.கண்ணன் கிழக்குத்தெரு, செங்குளம், திருமங்கலம், மதுரை மாவட்டம் 4) செ.ஜெயக்குமார் 6/30, ஜோதி நகர், திருமங்கலம், மதுரை மாவட்டம் 5) முகமதுஷாருனா 26/57, ஷெரிப் தெரு, திருமங்கலம், மதுரை மாவட்டம்.

உசிலம்பட்டி நகரம்

அமைப்பாளர் - ரா.ஸ்டாலின் நாடார் புதுத்தெரு, 20-வது வார்டு உசிலம்பட்டி, மதுரை மாவட்டம்.

துணை அமைப்பாளர்கள் - 1) போ.காமாட்சி ஊராண்டு, கீழப்புதூர், உசிலம்பட்டி, மதுரை மாவட்டம் 2) அ.சிவராஜ் நாடார்புதுத்தெரு, 20-வது வார்டு உசிலம்பட்டி, மதுரை மாவட்டம் 3) பா.செல்லப்பாண்டி, பாண்டியர் தெரு, 7-வது வார்டு தேநாஜிநகர், உசிலம்பட்டி, மதுரை மாவட்டம் 4) க.குபேந்திரன் ராஜீவ்தேவர் தெரு, 22-வது வார்டு உசிலம்பட்டி, மதுரை மாவட்டம் 5) ரா.தனபாலன் நேதாஜிநகர், கீழப்புதூர், 6-வது வார்டு உசிலம்பட்டி, மதுரை மாவட்டம்.

திருப்பரங்குன்றம் வடக்கு பகுதி

அமைப்பாளர் - ஆ.ராஜா 31, பெரியாம்பிநகர், 3-வது தெரு, அவனியாபுரம், மதுரை-12

துணை அமைப்பாளர்கள் - 1) இரா.செல்லத்துரை 1/43, எம். எம்.சி.காலனி, அவனியாபுரம், மதுரை-12 2) அ.மனோகரன் 4136, எம்.எம்.சி.காலனி, அவனியாபுரம், மதுரை-12 3) க. கார்த்தி கணேசனுபுரம், அவனியாபுரம், மதுரை -12 4) ஆ.பழனிச்சாமி எம்.கே.ஆர்.நகர், அவனியாபுரம், மதுரை-12 5) மு.குருசாமி காணக்குண்டன், அவனியாபுரம், மதுரை-12

திருப்பரங்குன்றம் தெற்கு பகுதி

அமைப்பாளர் - ரா.ஜெயக்குமார் 89, ஹார்வியிபட்டி, திருப்பரங்குன்றம், மதுரை-5

துணை அமைப்பாளர்கள் - 1) மு.ரவீந்திர திருமலையூர், திருப்பரங்குன்றம், மதுரை-5 2) நா.செந்தில்குமார் 7/2, பெரியார்நகர், தனக்கன்குளம், திருப்பரங்குன்றம், மதுரை-5 3) ம.தங்கக்கனி 1/12, ஜோசப்நகர் முதல் தெரு திருநகர், மதுரை-6 4) கு.சின்னத்தம்பி முத்துராமலிங்கத்தேவர் தெரு, வடக்குத்தெரு, நிலையூர், மதுரை -6 5) சி. முருகேசன் 3,வ.உ.சி 2-வது குறுக்குத் தெரு, எஸ்.எம்.எஸ்.புனித காலனி, திருநகர், மதுரை -6

அவனியாபுரம் கிழக்குப் பகுதி

அமைப்பாளர் - ரா.பாண்டி, மதுரை-9

துணை அமைப்பாளர்கள் - 1) கோ.ஜீவா 2, புதுத்தெரு, சிந்தாமணி, மதுரை-9 2) க.முத்து, சிந்தாமணி, மதுரை-9 3) ம.ஆறுமுகம், சிந்தாமணி, மதுரை-9 4) ம.அழகர், சிந்தாமணி, மதுரை-9 3) மு.முத்துராமலிங்கம் காலனி, எண்.3560, டி.என்.எச்.பி காலனி, மேலஅனுப்பானடி, மதுரை-9.
